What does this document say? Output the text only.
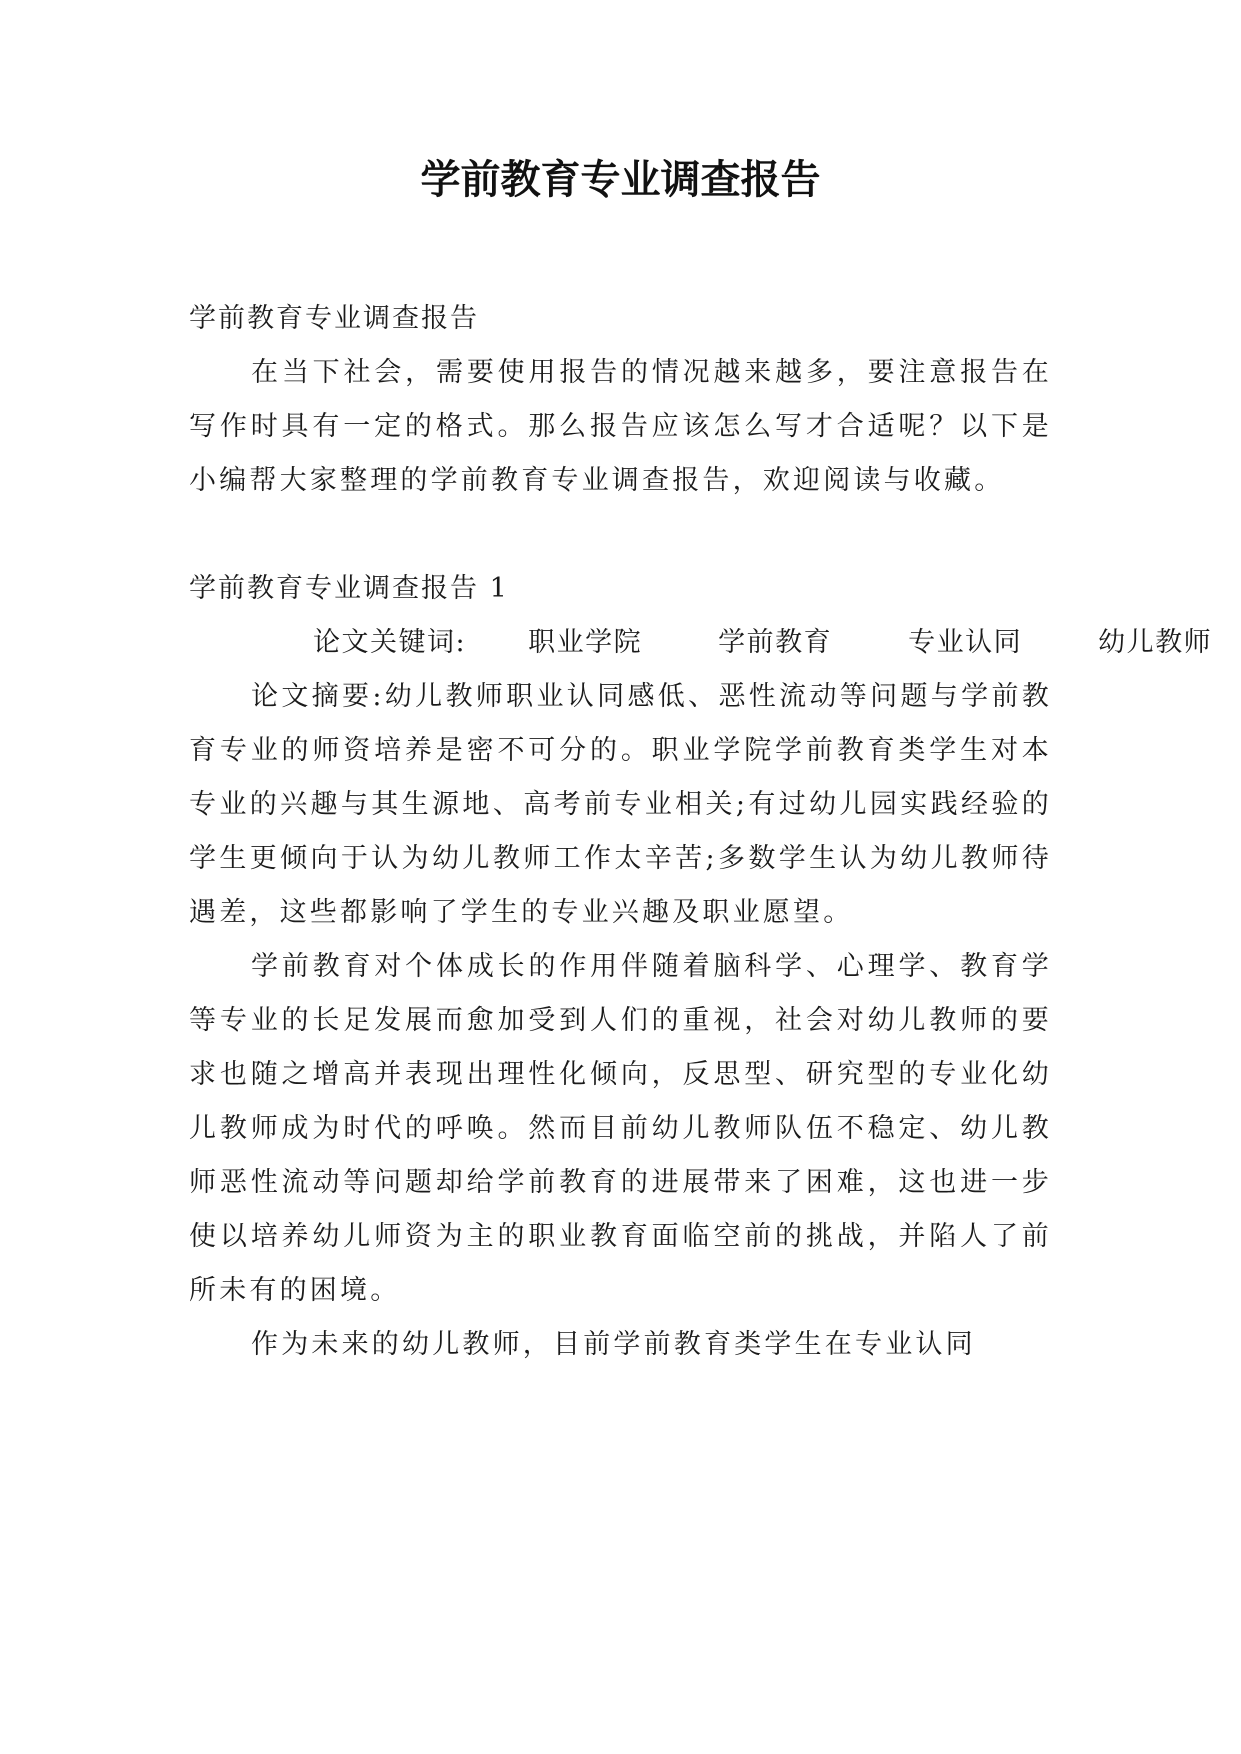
学前教育专业调查报告

学前教育专业调查报告

在当下社会，需要使用报告的情况越来越多，要注意报告在写作时具有一定的格式。那么报告应该怎么写才合适呢？以下是小编帮大家整理的学前教育专业调查报告，欢迎阅读与收藏。

学前教育专业调查报告 1

论文关键词: 职业学院	学前教育	专业认同	幼儿教师

论文摘要:幼儿教师职业认同感低、恶性流动等问题与学前教育专业的师资培养是密不可分的。职业学院学前教育类学生对本专业的兴趣与其生源地、高考前专业相关;有过幼儿园实践经验的学生更倾向于认为幼儿教师工作太辛苦;多数学生认为幼儿教师待遇差，这些都影响了学生的专业兴趣及职业愿望。

学前教育对个体成长的作用伴随着脑科学、心理学、教育学等专业的长足发展而愈加受到人们的重视，社会对幼儿教师的要求也随之增高并表现出理性化倾向，反思型、研究型的专业化幼儿教师成为时代的呼唤。然而目前幼儿教师队伍不稳定、幼儿教师恶性流动等问题却给学前教育的进展带来了困难，这也进一步使以培养幼儿师资为主的职业教育面临空前的挑战，并陷人了前所未有的困境。

作为未来的幼儿教师，目前学前教育类学生在专业认同
